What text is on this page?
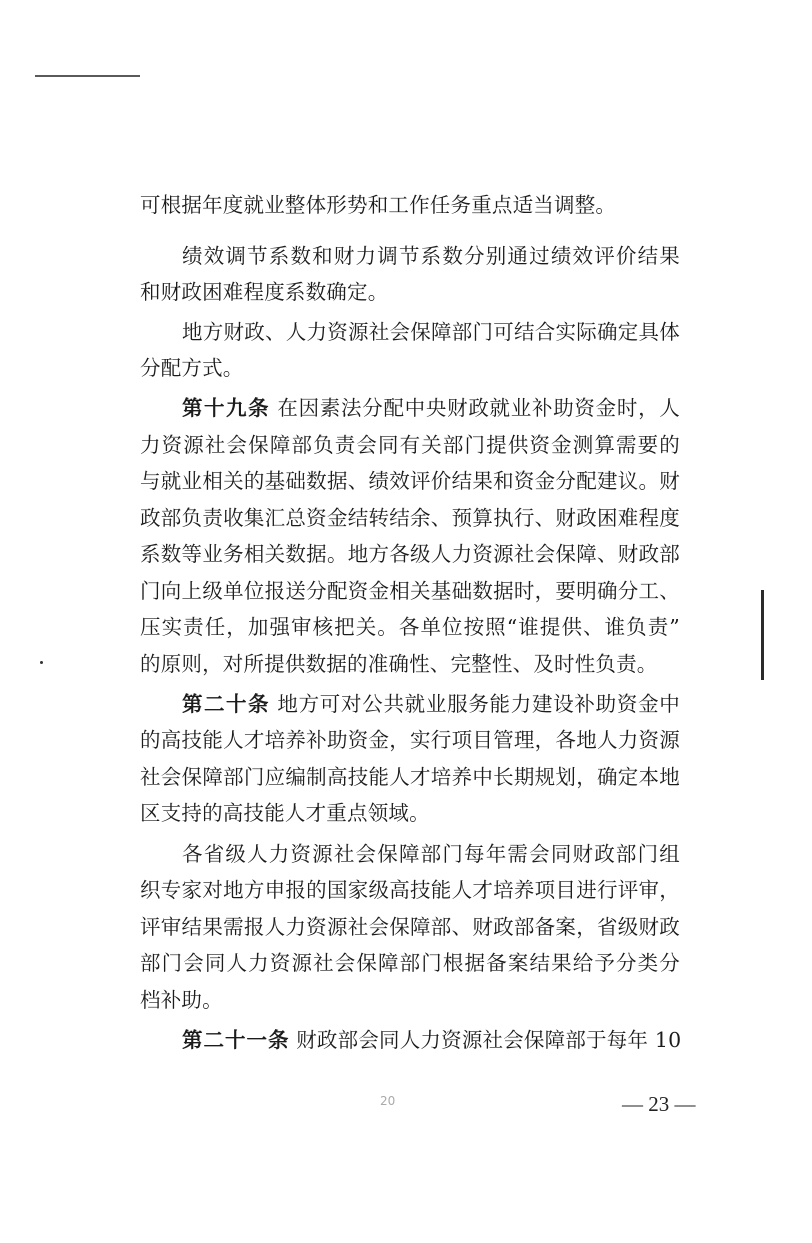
可根据年度就业整体形势和工作任务重点适当调整。
绩效调节系数和财力调节系数分别通过绩效评价结果
和财政困难程度系数确定。
地方财政、人力资源社会保障部门可结合实际确定具体
分配方式。
第十九条 在因素法分配中央财政就业补助资金时，人
力资源社会保障部负责会同有关部门提供资金测算需要的
与就业相关的基础数据、绩效评价结果和资金分配建议。财
政部负责收集汇总资金结转结余、预算执行、财政困难程度
系数等业务相关数据。地方各级人力资源社会保障、财政部
门向上级单位报送分配资金相关基础数据时，要明确分工、
压实责任，加强审核把关。各单位按照“谁提供、谁负责”
的原则，对所提供数据的准确性、完整性、及时性负责。
第二十条 地方可对公共就业服务能力建设补助资金中
的高技能人才培养补助资金，实行项目管理，各地人力资源
社会保障部门应编制高技能人才培养中长期规划，确定本地
区支持的高技能人才重点领域。
各省级人力资源社会保障部门每年需会同财政部门组
织专家对地方申报的国家级高技能人才培养项目进行评审，
评审结果需报人力资源社会保障部、财政部备案，省级财政
部门会同人力资源社会保障部门根据备案结果给予分类分
档补助。
第二十一条 财政部会同人力资源社会保障部于每年 10
20	— 23 —
